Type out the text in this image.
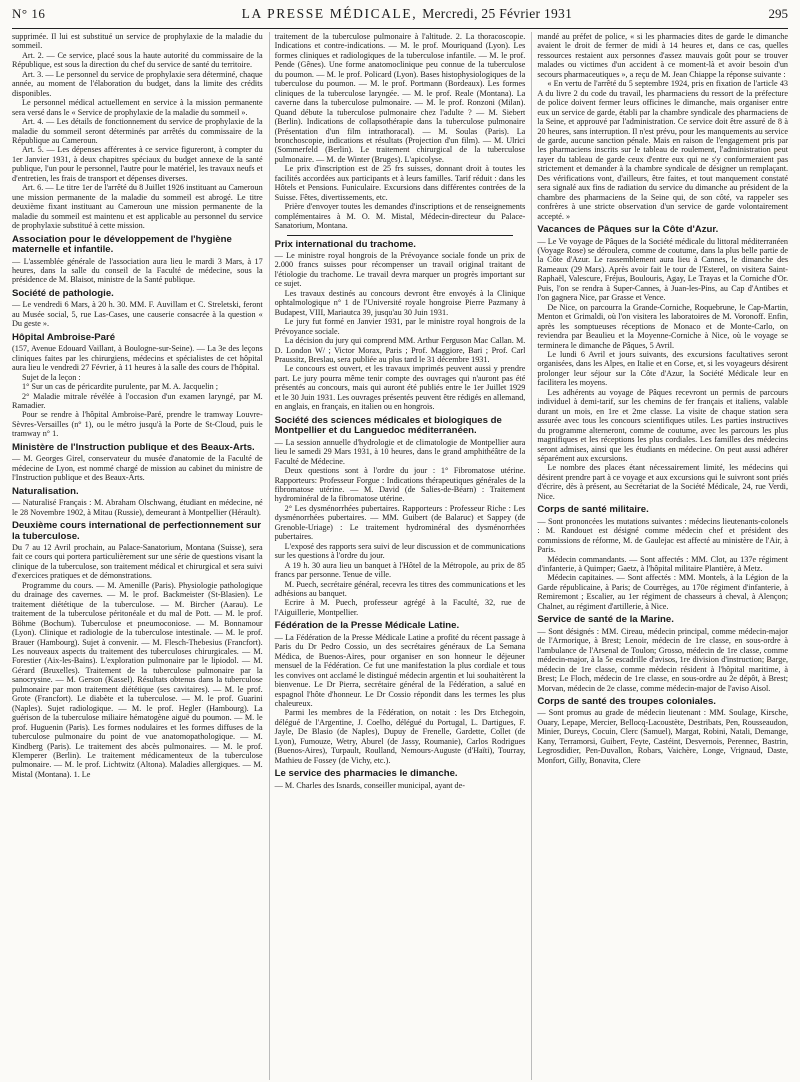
N° 16	LA PRESSE MÉDICALE, Mercredi, 25 Février 1931	295

supprimée. Il lui est substitué un service de prophylaxie de la maladie du sommeil.

Art. 2. — Ce service, placé sous la haute autorité du commissaire de la République, est sous la direction du chef du service de santé du territoire.

Art. 3. — Le personnel du service de prophylaxie sera déterminé, chaque année, au moment de l'élaboration du budget, dans la limite des crédits disponibles.

Le personnel médical actuellement en service à la mission permanente sera versé dans le « Service de prophylaxie de la maladie du sommeil ».

Art. 4. — Les détails de fonctionnement du service de prophylaxie de la maladie du sommeil seront déterminés par arrêtés du commissaire de la République au Cameroun.

Art. 5. — Les dépenses afférentes à ce service figureront, à compter du 1er Janvier 1931, à deux chapitres spéciaux du budget annexe de la santé publique, l'un pour le personnel, l'autre pour le matériel, les travaux neufs et d'entretien, les frais de transport et dépenses diverses.

Art. 6. — Le titre 1er de l'arrêté du 8 Juillet 1926 instituant au Cameroun une mission permanente de la maladie du sommeil est abrogé. Le titre deuxième fixant instituant au Cameroun une mission permanente de la maladie du sommeil est maintenu et est applicable au personnel du service de prophylaxie substitué à cette mission.

Association pour le développement de l'hygiène maternelle et infantile.

— L'assemblée générale de l'association aura lieu le mardi 3 Mars, à 17 heures, dans la salle du conseil de la Faculté de médecine, sous la présidence de M. Blaisot, ministre de la Santé publique.

Société de pathologie.

— Le vendredi 6 Mars, à 20 h. 30. MM. F. Auvillam et C. Streletski, feront au Musée social, 5, rue Las-Cases, une causerie consacrée à la question « Du geste ».

Hôpital Ambroise-Paré

(157, Avenue Edouard Vaillant, à Boulogne-sur-Seine). — La 3e des leçons cliniques faites par les chirurgiens, médecins et spécialistes de cet hôpital aura lieu le vendredi 27 Février, à 11 heures à la salle des cours de l'hôpital.

Sujet de la leçon :

1° Sur un cas de péricardite purulente, par M. A. Jacquelin ;

2° Maladie mitrale révélée à l'occasion d'un examen laryngé, par M. Ramadier.

Pour se rendre à l'hôpital Ambroise-Paré, prendre le tramway Louvre-Sèvres-Versailles (n° 1), ou le métro jusqu'à la Porte de St-Cloud, puis le tramway n° 1.

Ministère de l'Instruction publique et des Beaux-Arts.

— M. Georges Girel, conservateur du musée d'anatomie de la Faculté de médecine de Lyon, est nommé chargé de mission au cabinet du ministre de l'Instruction publique et des Beaux-Arts.

Naturalisation.

— Naturalisé Français : M. Abraham Olschwang, étudiant en médecine, né le 28 Novembre 1902, à Mitau (Russie), demeurant à Montpellier (Hérault).

Deuxième cours international de perfectionnement sur la tuberculose.

Du 7 au 12 Avril prochain, au Palace-Sanatorium, Montana (Suisse), sera fait ce cours qui portera particulièrement sur une série de questions visant la clinique de la tuberculose, son traitement médical et chirurgical et sera suivi d'exercices pratiques et de démonstrations.

Programme du cours. — M. Amenille (Paris). Physiologie pathologique du drainage des cavernes. — M. le prof. Backmeister (St-Blasien). Le traitement diététique de la tuberculose. — M. Bircher (Aarau). Le traitement de la tuberculose péritonéale et du mal de Pott. — M. le prof. Böhme (Bochum). Tuberculose et pneumoconiose. — M. Bonnamour (Lyon). Clinique et radiologie de la tuberculose intestinale. — M. le prof. Brauer (Hambourg). Sujet à convenir. — M. Flesch-Thebesius (Francfort). Les nouveaux aspects du traitement des tuberculoses chirurgicales. — M. Forestier (Aix-les-Bains). L'exploration pulmonaire par le lipiodol. — M. Gérard (Bruxelles). Traitement de la tuberculose pulmonaire par la sanocrysine. — M. Gerson (Kassel). Résultats obtenus dans la tuberculose pulmonaire par mon traitement diététique (ses cavitaires). — M. le prof. Grote (Francfort). Le diabète et la tuberculose. — M. le prof. Guarini (Naples). Sujet radiologique. — M. le prof. Hegler (Hambourg). La guérison de la tuberculose miliaire hématogène aiguë du poumon. — M. le prof. Huguenin (Paris). Les formes nodulaires et les formes diffuses de la tuberculose pulmonaire du point de vue anatomopathologique. — M. Kindberg (Paris). Le traitement des abcès pulmonaires. — M. le prof. Klemperer (Berlin). Le traitement médicamenteux de la tuberculose pulmonaire. — M. le prof. Lichtwitz (Altona). Maladies allergiques. — M. Mistal (Montana). 1. Le

traitement de la tuberculose pulmonaire à l'altitude. 2. La thoracoscopie. Indications et contre-indications. — M. le prof. Mouriquand (Lyon). Les formes cliniques et radiologiques de la tuberculose infantile. — M. le prof. Pende (Gênes). Une forme anatomoclinique peu connue de la tuberculose du poumon. — M. le prof. Policard (Lyon). Bases histophysiologiques de la tuberculose du poumon. — M. le prof. Portmann (Bordeaux). Les formes cliniques de la tuberculose laryngée. — M. le prof. Reale (Montana). La caverne dans la tuberculose pulmonaire. — M. le prof. Ronzoni (Milan). Quand débute la tuberculose pulmonaire chez l'adulte ? — M. Siebert (Berlin). Indications de collapsothérapie dans la tuberculose pulmonaire (Présentation d'un film intrathoracal). — M. Soulas (Paris). La bronchoscopie, indications et résultats (Projection d'un film). — M. Ulrici (Sommerfeld (Berlin). Le traitement chirurgical de la tuberculose pulmonaire. — M. de Winter (Bruges). L'apicolyse.

Le prix d'inscription est de 25 frs suisses, donnant droit à toutes les facilités accordées aux participants et à leurs familles. Tarif réduit : dans les Hôtels et Pensions. Funiculaire. Excursions dans différentes contrées de la Suisse. Fêtes, divertissements, etc.

Prière d'envoyer toutes les demandes d'inscriptions et de renseignements complémentaires à M. O. M. Mistal, Médecin-directeur du Palace-Sanatorium, Montana.

Prix international du trachome.

— Le ministre royal hongrois de la Prévoyance sociale fonde un prix de 2.000 francs suisses pour récompenser un travail original traitant de l'étiologie du trachome. Le travail devra marquer un progrès important sur ce sujet.

Les travaux destinés au concours devront être envoyés à la Clinique ophtalmologique n° 1 de l'Université royale hongroise Pierre Pazmany à Budapest, VIII, Mariautca 39, jusqu'au 30 Juin 1931.

Le jury fut formé en Janvier 1931, par le ministre royal hongrois de la Prévoyance sociale.

La décision du jury qui comprend MM. Arthur Ferguson Mac Callan. M. D. London W/ ; Victor Morax, Paris ; Prof. Maggiore, Bari ; Prof. Carl Praussitz, Breslau, sera publiée au plus tard le 31 décembre 1931.

Le concours est ouvert, et les travaux imprimés peuvent aussi y prendre part. Le jury pourra même tenir compte des ouvrages qui n'auront pas été présentés au concours, mais qui auront été publiés entre le 1er Juillet 1929 et le 30 Juin 1931. Les ouvrages présentés peuvent être rédigés en allemand, en anglais, en français, en italien ou en hongrois.

Société des sciences médicales et biologiques de Montpellier et du Languedoc méditerranéen.

— La session annuelle d'hydrologie et de climatologie de Montpellier aura lieu le samedi 29 Mars 1931, à 10 heures, dans le grand amphithéâtre de la Faculté de Médecine.

Deux questions sont à l'ordre du jour : 1° Fibromatose utérine. Rapporteurs: Professeur Forgue : Indications thérapeutiques générales de la fibromatose utérine. — M. David (de Salies-de-Béarn) : Traitement hydrominéral de la fibromatose utérine.

2° Les dysménorrhées pubertaires. Rapporteurs : Professeur Riche : Les dysménorrhées pubertaires. — MM. Guibert (de Balaruc) et Sappey (de Grenoble-Uriage) : Le traitement hydrominéral des dysménorrhées pubertaires.

L'exposé des rapports sera suivi de leur discussion et de communications sur les questions à l'ordre du jour.

A 19 h. 30 aura lieu un banquet à l'Hôtel de la Métropole, au prix de 85 francs par personne. Tenue de ville.

M. Puech, secrétaire général, recevra les titres des communications et les adhésions au banquet.

Ecrire à M. Puech, professeur agrégé à la Faculté, 32, rue de l'Aiguillerie, Montpellier.

Fédération de la Presse Médicale Latine.

— La Fédération de la Presse Médicale Latine a profité du récent passage à Paris du Dr Pedro Cossio, un des secrétaires généraux de La Semana Médica, de Buenos-Aires, pour organiser en son honneur le déjeuner mensuel de la Fédération. Ce fut une manifestation la plus cordiale et tous les convives ont acclamé le distingué médecin argentin et lui souhaitèrent la bienvenue. Le Dr Pierra, secrétaire général de la Fédération, a salué en espagnol l'hôte d'honneur. Le Dr Cossio répondit dans les termes les plus chaleureux.

Parmi les membres de la Fédération, on notait : les Drs Etchegoin, délégué de l'Argentine, J. Coelho, délégué du Portugal, L. Dartigues, F. Jayle, De Blasio (de Naples), Dupuy de Frenelle, Gardette, Collet (de Lyon), Fumouze, Wetry, Aburel (de Jassy, Roumanie), Carlos Rodrigues (Buenos-Aires), Turpault, Roulland, Nemours-Auguste (d'Haïti), Tourray, Mathieu de Fossey (de Vichy, etc.).

Le service des pharmacies le dimanche.

— M. Charles des Isnards, conseiller municipal, ayant de-

mandé au préfet de police, « si les pharmacies dites de garde le dimanche avaient le droit de fermer de midi à 14 heures et, dans ce cas, quelles ressources restaient aux personnes d'assez mauvais goût pour se trouver malades ou victimes d'un accident à ce moment-là et avoir besoin d'un secours pharmaceutiques », a reçu de M. Jean Chiappe la réponse suivante :

« En vertu de l'arrêté du 5 septembre 1924, pris en fixation de l'article 43 A du livre 2 du code du travail, les pharmaciens du ressort de la préfecture de police doivent fermer leurs officines le dimanche, mais organiser entre eux un service de garde, établi par la chambre syndicale des pharmaciens de la Seine, et approuvé par l'administration. Ce service doit être assuré de 8 à 20 heures, sans interruption. Il n'est prévu, pour les manquements au service de garde, aucune sanction pénale. Mais en raison de l'engagement pris par les pharmaciens inscrits sur le tableau de roulement, l'administration peut rayer du tableau de garde ceux d'entre eux qui ne s'y conformeraient pas strictement et demander à la chambre syndicale de désigner un remplaçant. Des vérifications vont, d'ailleurs, être faites, et tout manquement constaté sera signalé aux fins de radiation du service du dimanche au président de la chambre des pharmaciens de la Seine qui, de son côté, va rappeler ses confrères à une stricte observation d'un service de garde volontairement accepté. »

Vacances de Pâques sur la Côte d'Azur.

— Le Ve voyage de Pâques de la Société médicale du littoral méditerranéen (Voyage Rose) se déroulera, comme de coutume, dans la plus belle partie de la Côte d'Azur. Le rassemblement aura lieu à Cannes, le dimanche des Rameaux (29 Mars). Après avoir fait le tour de l'Esterel, on visitera Saint-Raphaël, Valescure, Fréjus, Boulouris, Agay, Le Trayas et la Corniche d'Or. Puis, l'on se rendra à Super-Cannes, à Juan-les-Pins, au Cap d'Antibes et l'on gagnera Nice, par Grasse et Vence.

De Nice, on parcourra la Grande-Corniche, Roquebrune, le Cap-Martin, Menton et Grimaldi, où l'on visitera les laboratoires de M. Voronoff. Enfin, après les somptueuses réceptions de Monaco et de Monte-Carlo, on reviendra par Beaulieu et la Moyenne-Corniche à Nice, où le voyage se terminera le dimanche de Pâques, 5 Avril.

Le lundi 6 Avril et jours suivants, des excursions facultatives seront organisées, dans les Alpes, en Italie et en Corse, et, si les voyageurs désirent prolonger leur séjour sur la Côte d'Azur, la Société Médicale leur en facilitera les moyens.

Les adhérents au voyage de Pâques recevront un permis de parcours individuel à demi-tarif, sur les chemins de fer français et italiens, valable durant un mois, en 1re et 2me classe. La visite de chaque station sera assurée avec tous les concours scientifiques utiles. Les parties instructives du programme alterneront, comme de coutume, avec les parcours les plus magnifiques et les réceptions les plus cordiales. Les familles des médecins seront admises, ainsi que les étudiants en médecine. On peut aussi adhérer séparément aux excursions.

Le nombre des places étant nécessairement limité, les médecins qui désirent prendre part à ce voyage et aux excursions qui le suivront sont priés d'écrire, dès à présent, au Secrétariat de la Société Médicale, 24, rue Verdi, Nice.

Corps de santé militaire.

— Sont prononcées les mutations suivantes : médecins lieutenants-colonels : M. Randouet est désigné comme médecin chef et président des commissions de réforme, M. de Gaulejac est affecté au ministère de l'Air, à Paris.

Médecin commandants. — Sont affectés : MM. Clot, au 137e régiment d'infanterie, à Quimper; Gaetz, à l'hôpital militaire Plantière, à Metz.

Médecin capitaines. — Sont affectés : MM. Montels, à la Légion de la Garde républicaine, à Paris; de Courrèges, au 170e régiment d'infanterie, à Remiremont ; Escalier, au 1er régiment de chasseurs à cheval, à Alençon; Chalnet, au régiment d'artillerie, à Nice.

Service de santé de la Marine.

— Sont désignés : MM. Cireau, médecin principal, comme médecin-major de l'Armorique, à Brest; Lenoir, médecin de 1re classe, en sous-ordre à l'ambulance de l'Arsenal de Toulon; Grosso, médecin de 1re classe, comme médecin-major, à la 5e escadrille d'avisos, 1re division d'instruction; Barge, médecin de 1re classe, comme médecin résident à l'hôpital maritime, à Brest; Le Floch, médecin de 1re classe, en sous-ordre au 2e dépôt, à Brest; Morvan, médecin de 2e classe, comme médecin-major de l'aviso Aisol.

Corps de santé des troupes coloniales.

— Sont promus au grade de médecin lieutenant : MM. Soulage, Kirsche, Ouary, Lepape, Mercier, Bellocq-Lacoustète, Destribats, Pen, Rousseaudon, Minier, Dureys, Cocuin, Clerc (Samuel), Margat, Robini, Natali, Demange, Kany, Terramorsi, Guibert, Feyte, Castéint, Desvernois, Perennec, Bastrin, Legrosdidier, Pen-Duvallon, Robars, Vaichère, Longe, Vrignaud, Daste, Monfort, Gilly, Bonavita, Clere
